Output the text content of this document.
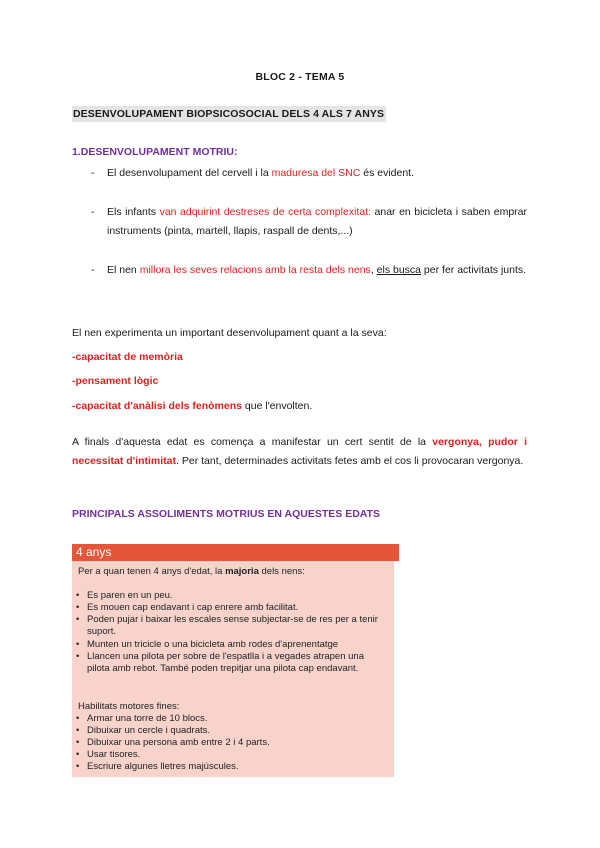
BLOC 2 - TEMA 5
DESENVOLUPAMENT BIOPSICOSOCIAL DELS 4 ALS 7 ANYS
1.DESENVOLUPAMENT MOTRIU:
-	El desenvolupament del cervell i la maduresa del SNC és evident.
-	Els infants van adquirint destreses de certa complexitat: anar en bicicleta i saben emprar instruments (pinta, martell, llapis, raspall de dents,...)
-	El nen millora les seves relacions amb la resta dels nens, els busca per fer activitats junts.
El nen experimenta un important desenvolupament quant a la seva:
-capacitat de memòria
-pensament lògic
-capacitat d'anàlisi dels fenòmens que l'envolten.
A finals d'aquesta edat es comença a manifestar un cert sentit de la vergonya, pudor i necessitat d'intimitat. Per tant, determinades activitats fetes amb el cos li provocaran vergonya.
PRINCIPALS ASSOLIMENTS MOTRIUS EN AQUESTES EDATS
4 anys
Per a quan tenen 4 anys d'edat, la majoria dels nens:
• Es paren en un peu.
• Es mouen cap endavant i cap enrere amb facilitat.
• Poden pujar i baixar les escales sense subjectar-se de res per a tenir suport.
• Munten un tricicle o una bicicleta amb rodes d'aprenentatge
• Llancen una pilota per sobre de l'espatlla i a vegades atrapen una pilota amb rebot. També poden trepitjar una pilota cap endavant.
Habilitats motores fines:
• Armar una torre de 10 blocs.
• Dibuixar un cercle i quadrats.
• Dibuixar una persona amb entre 2 i 4 parts.
• Usar tisores.
• Escriure algunes lletres majúscules.
